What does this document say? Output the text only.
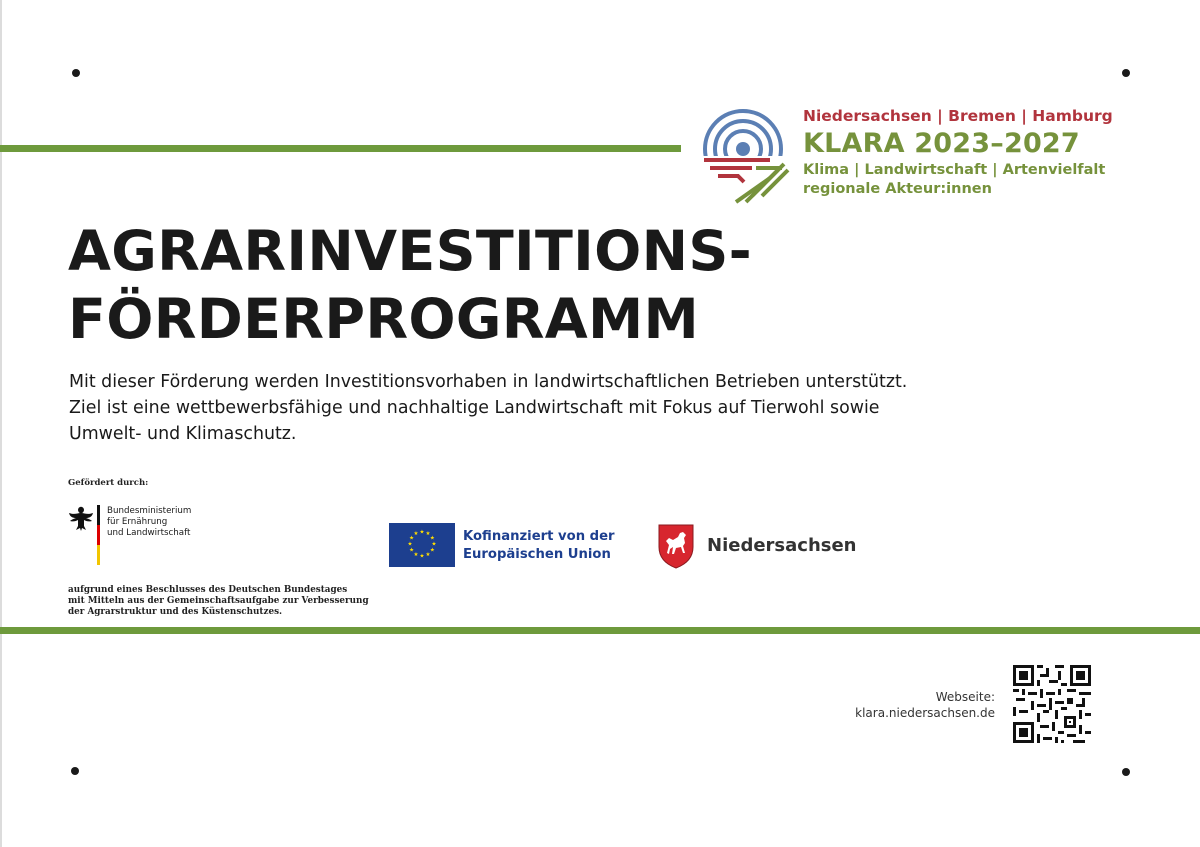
Niedersachsen | Bremen | Hamburg
KLARA 2023–2027
Klima | Landwirtschaft | Artenvielfalt
regionale Akteur:innen
AGRARINVESTITIONS-
FÖRDERPROGRAMM
Mit dieser Förderung werden Investitionsvorhaben in landwirtschaftlichen Betrieben unterstützt.
Ziel ist eine wettbewerbsfähige und nachhaltige Landwirtschaft mit Fokus auf Tierwohl sowie
Umwelt- und Klimaschutz.
Gefördert durch:
Bundesministerium
für Ernährung
und Landwirtschaft
aufgrund eines Beschlusses des Deutschen Bundestages
mit Mitteln aus der Gemeinschaftsaufgabe zur Verbesserung
der Agrarstruktur und des Küstenschutzes.
★ ★
★
★
★
★
★
★
★
★
★
★	Kofinanziert von der
Europäischen Union	Niedersachsen
Webseite:
klara.niedersachsen.de
